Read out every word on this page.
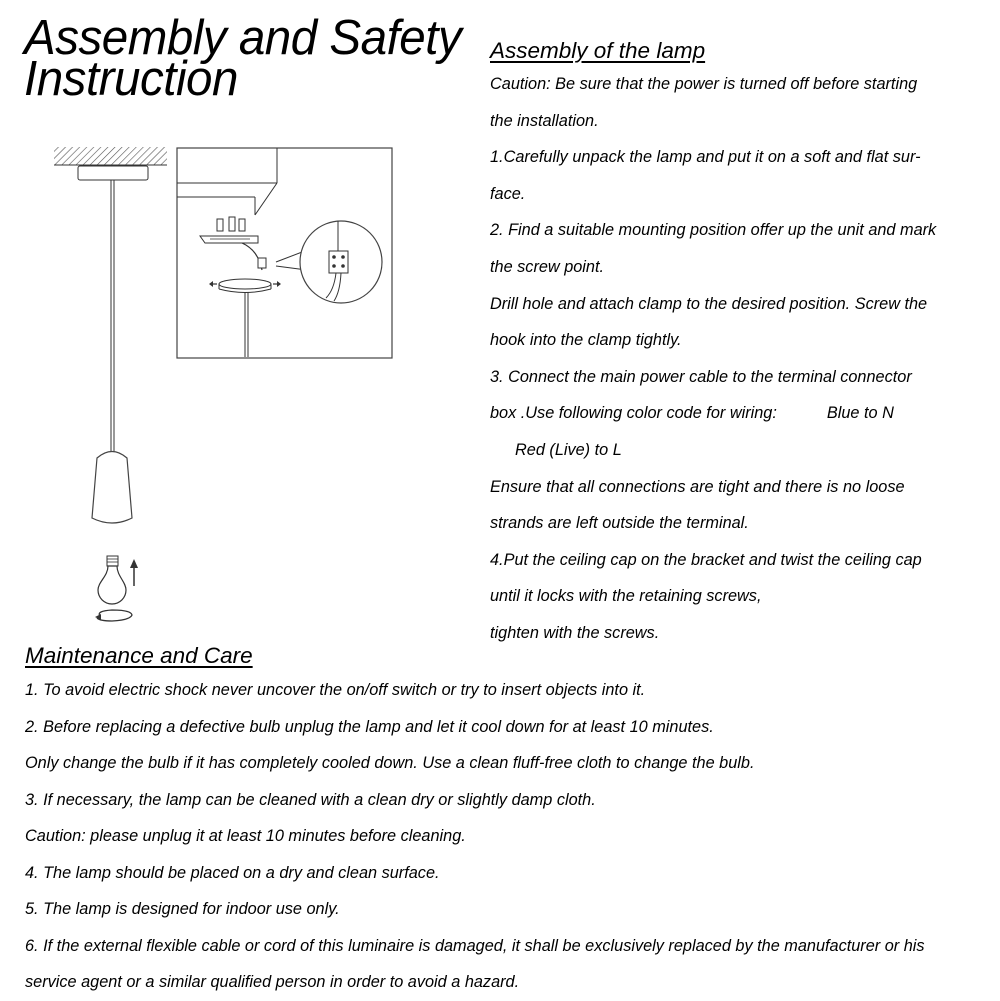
Assembly and Safety
Instruction
Assembly of the lamp
Caution: Be sure that the power is turned off before starting
the installation.
1.Carefully unpack the lamp and put it on a soft and flat sur-
face.
2. Find a suitable mounting position offer up the unit and mark
the screw point.
Drill hole and attach clamp to the desired position. Screw the
hook into the clamp tightly.
3. Connect the main power cable to the terminal connector
box .Use following color code for wiring:	Blue to N
Red (Live) to L
Ensure that all connections are tight and there is no loose
strands are left outside the terminal.
4.Put the ceiling cap on the bracket and twist the ceiling cap
until it locks with the retaining screws,
tighten with the screws.
Maintenance and Care
1. To avoid electric shock never uncover the on/off switch or try to insert objects into it.
2. Before replacing a defective bulb unplug the lamp and let it cool down for at least 10 minutes.
Only change the bulb if it has completely cooled down. Use a clean fluff-free cloth to change the bulb.
3. If necessary, the lamp can be cleaned with a clean dry or slightly damp cloth.
Caution: please unplug it at least 10 minutes before cleaning.
4. The lamp should be placed on a dry and clean surface.
5. The lamp is designed for indoor use only.
6. If the external flexible cable or cord of this luminaire is damaged, it shall be exclusively replaced by the manufacturer or his
service agent or a similar qualified person in order to avoid a hazard.
